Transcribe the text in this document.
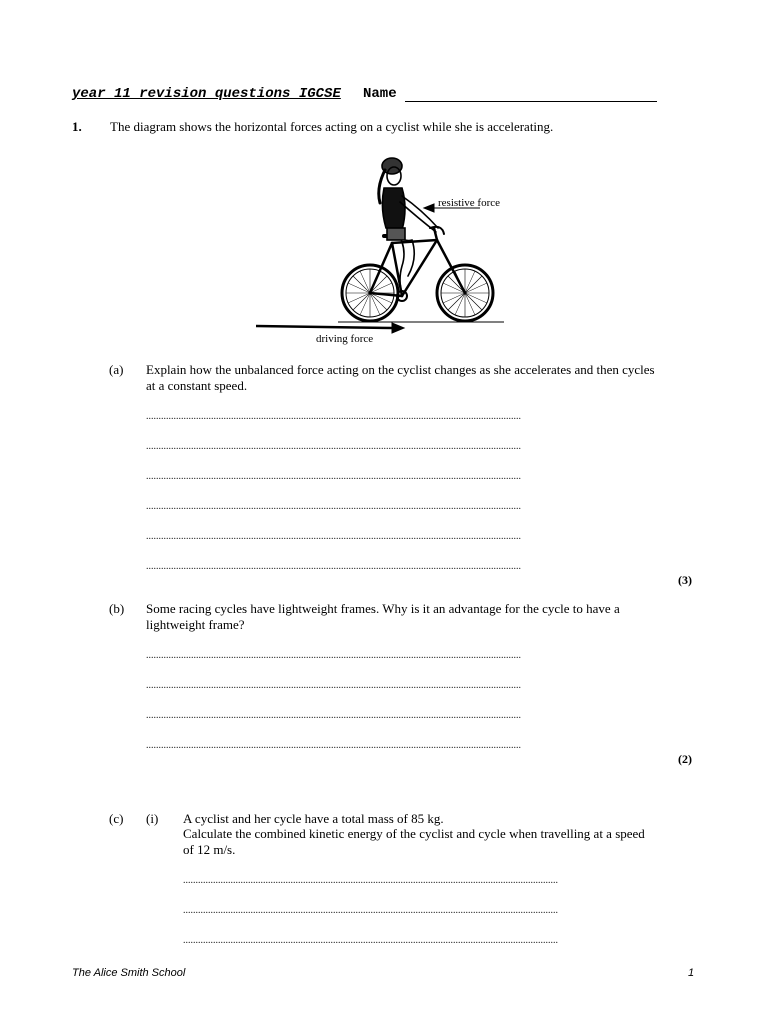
year 11 revision questions IGCSE Name
1. The diagram shows the horizontal forces acting on a cyclist while she is accelerating.
resistive force
driving force
(a) Explain how the unbalanced force acting on the cyclist changes as she accelerates and then cycles at a constant speed.
......................................................................................................................................................
......................................................................................................................................................
......................................................................................................................................................
......................................................................................................................................................
......................................................................................................................................................
......................................................................................................................................................
(3)
(b) Some racing cycles have lightweight frames. Why is it an advantage for the cycle to have a lightweight frame?
......................................................................................................................................................
......................................................................................................................................................
......................................................................................................................................................
......................................................................................................................................................
(2)
(c) (i) A cyclist and her cycle have a total mass of 85 kg.
Calculate the combined kinetic energy of the cyclist and cycle when travelling at a speed of 12 m/s.
......................................................................................................................................................
......................................................................................................................................................
......................................................................................................................................................
The Alice Smith School	1
